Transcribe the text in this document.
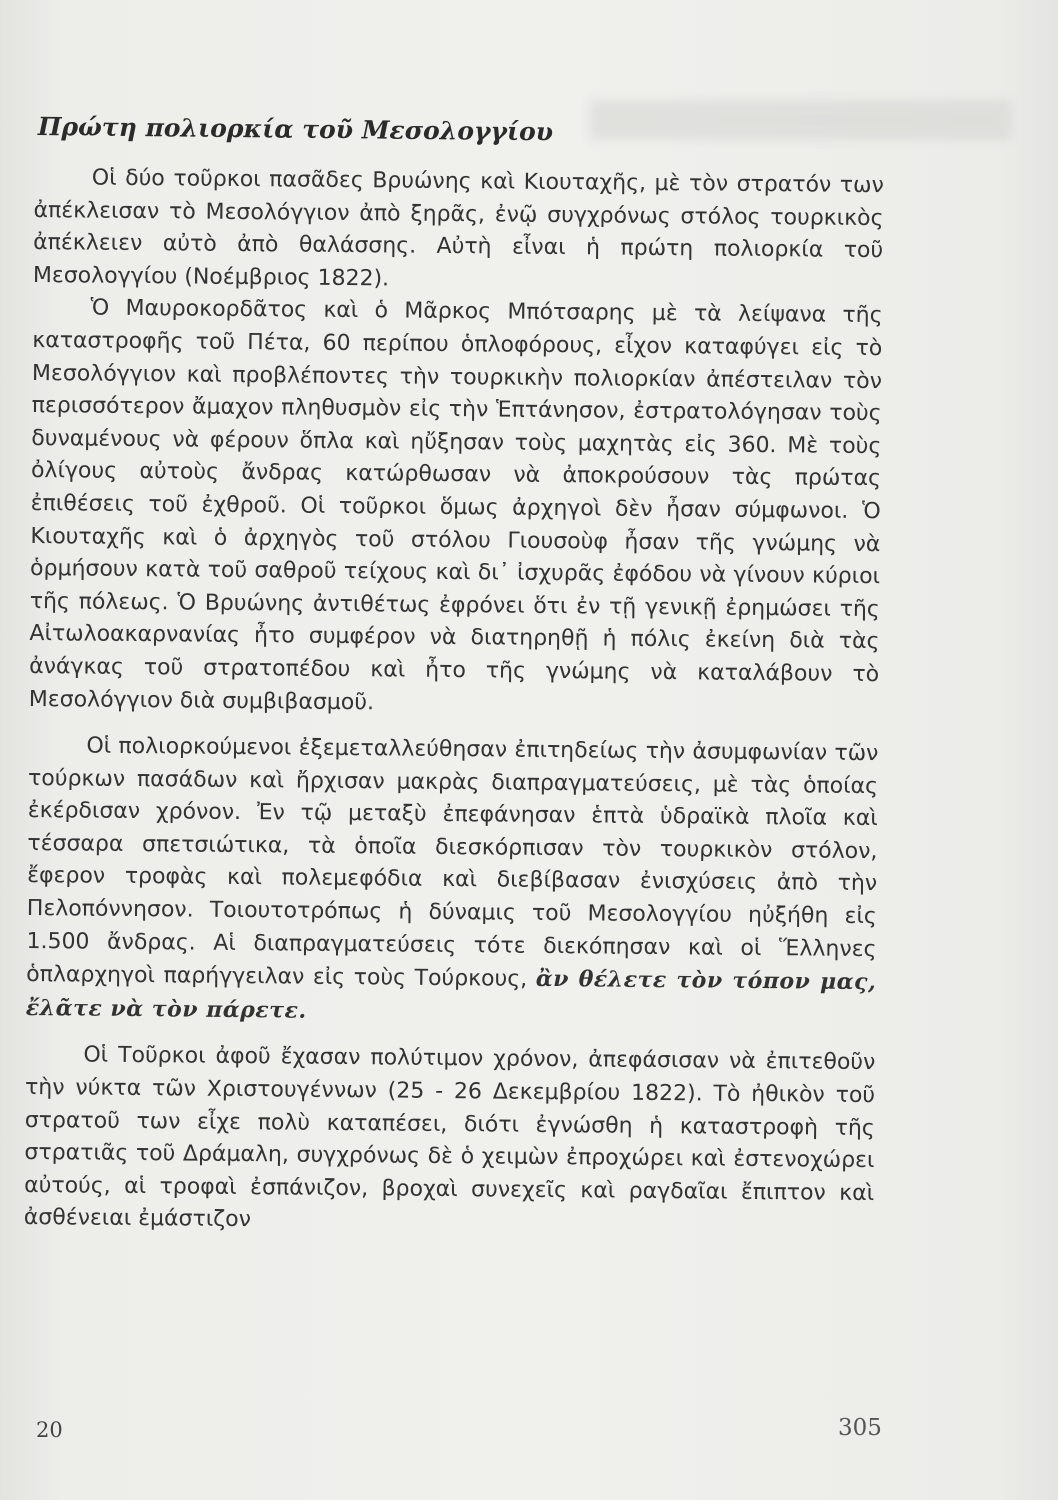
Πρώτη πολιορκία τοῦ Μεσολογγίου

Οἱ δύο τοῦρκοι πασᾶδες Βρυώνης καὶ Κιουταχῆς, μὲ τὸν στρατόν των ἀπέκλεισαν τὸ Μεσολόγγιον ἀπὸ ξηρᾶς, ἐνῷ συγχρόνως στόλος τουρκικὸς ἀπέκλειεν αὐτὸ ἀπὸ θαλάσσης. Αὐτὴ εἶναι ἡ πρώτη πολιορκία τοῦ Μεσολογγίου (Νοέμβριος 1822).

Ὁ Μαυροκορδᾶτος καὶ ὁ Μᾶρκος Μπότσαρης μὲ τὰ λείψανα τῆς καταστροφῆς τοῦ Πέτα, 60 περίπου ὁπλοφόρους, εἶχον καταφύγει εἰς τὸ Μεσολόγγιον καὶ προβλέποντες τὴν τουρκικὴν πολιορκίαν ἀπέστειλαν τὸν περισσότερον ἄμαχον πληθυσμὸν εἰς τὴν Ἑπτάνησον, ἐστρατολόγησαν τοὺς δυναμένους νὰ φέρουν ὅπλα καὶ ηὔξησαν τοὺς μαχητὰς εἰς 360. Μὲ τοὺς ὀλίγους αὐτοὺς ἄνδρας κατώρθωσαν νὰ ἀποκρούσουν τὰς πρώτας ἐπιθέσεις τοῦ ἐχθροῦ. Οἱ τοῦρκοι ὅμως ἀρχηγοὶ δὲν ἦσαν σύμφωνοι. Ὁ Κιουταχῆς καὶ ὁ ἀρχηγὸς τοῦ στόλου Γιουσοὺφ ἦσαν τῆς γνώμης νὰ ὁρμήσουν κατὰ τοῦ σαθροῦ τείχους καὶ δι᾽ ἰσχυρᾶς ἐφόδου νὰ γίνουν κύριοι τῆς πόλεως. Ὁ Βρυώνης ἀντιθέτως ἐφρόνει ὅτι ἐν τῇ γενικῇ ἐρημώσει τῆς Αἰτωλοακαρνανίας ἦτο συμφέρον νὰ διατηρηθῇ ἡ πόλις ἐκείνη διὰ τὰς ἀνάγκας τοῦ στρατοπέδου καὶ ἦτο τῆς γνώμης νὰ καταλάβουν τὸ Μεσολόγγιον διὰ συμβιβασμοῦ.

Οἱ πολιορκούμενοι ἐξεμεταλλεύθησαν ἐπιτηδείως τὴν ἀσυμφωνίαν τῶν τούρκων πασάδων καὶ ἤρχισαν μακρὰς διαπραγματεύσεις, μὲ τὰς ὁποίας ἐκέρδισαν χρόνον. Ἐν τῷ μεταξὺ ἐπεφάνησαν ἑπτὰ ὑδραϊκὰ πλοῖα καὶ τέσσαρα σπετσιώτικα, τὰ ὁποῖα διεσκόρπισαν τὸν τουρκικὸν στόλον, ἔφερον τροφὰς καὶ πολεμεφόδια καὶ διεβίβασαν ἐνισχύσεις ἀπὸ τὴν Πελοπόννησον. Τοιουτοτρόπως ἡ δύναμις τοῦ Μεσολογγίου ηὐξήθη εἰς 1.500 ἄνδρας. Αἱ διαπραγματεύσεις τότε διεκόπησαν καὶ οἱ Ἕλληνες ὁπλαρχηγοὶ παρήγγειλαν εἰς τοὺς Τούρκους, ἂν θέλετε τὸν τόπον μας, ἔλᾶτε νὰ τὸν πάρετε.

Οἱ Τοῦρκοι ἀφοῦ ἔχασαν πολύτιμον χρόνον, ἀπεφάσισαν νὰ ἐπιτεθοῦν τὴν νύκτα τῶν Χριστουγέννων (25 - 26 Δεκεμβρίου 1822). Τὸ ἠθικὸν τοῦ στρατοῦ των εἶχε πολὺ καταπέσει, διότι ἐγνώσθη ἡ καταστροφὴ τῆς στρατιᾶς τοῦ Δράμαλη, συγχρόνως δὲ ὁ χειμὼν ἐπροχώρει καὶ ἐστενοχώρει αὐτούς, αἱ τροφαὶ ἐσπάνιζον, βροχαὶ συνεχεῖς καὶ ραγδαῖαι ἔπιπτον καὶ ἀσθένειαι ἐμάστιζον

20	305
